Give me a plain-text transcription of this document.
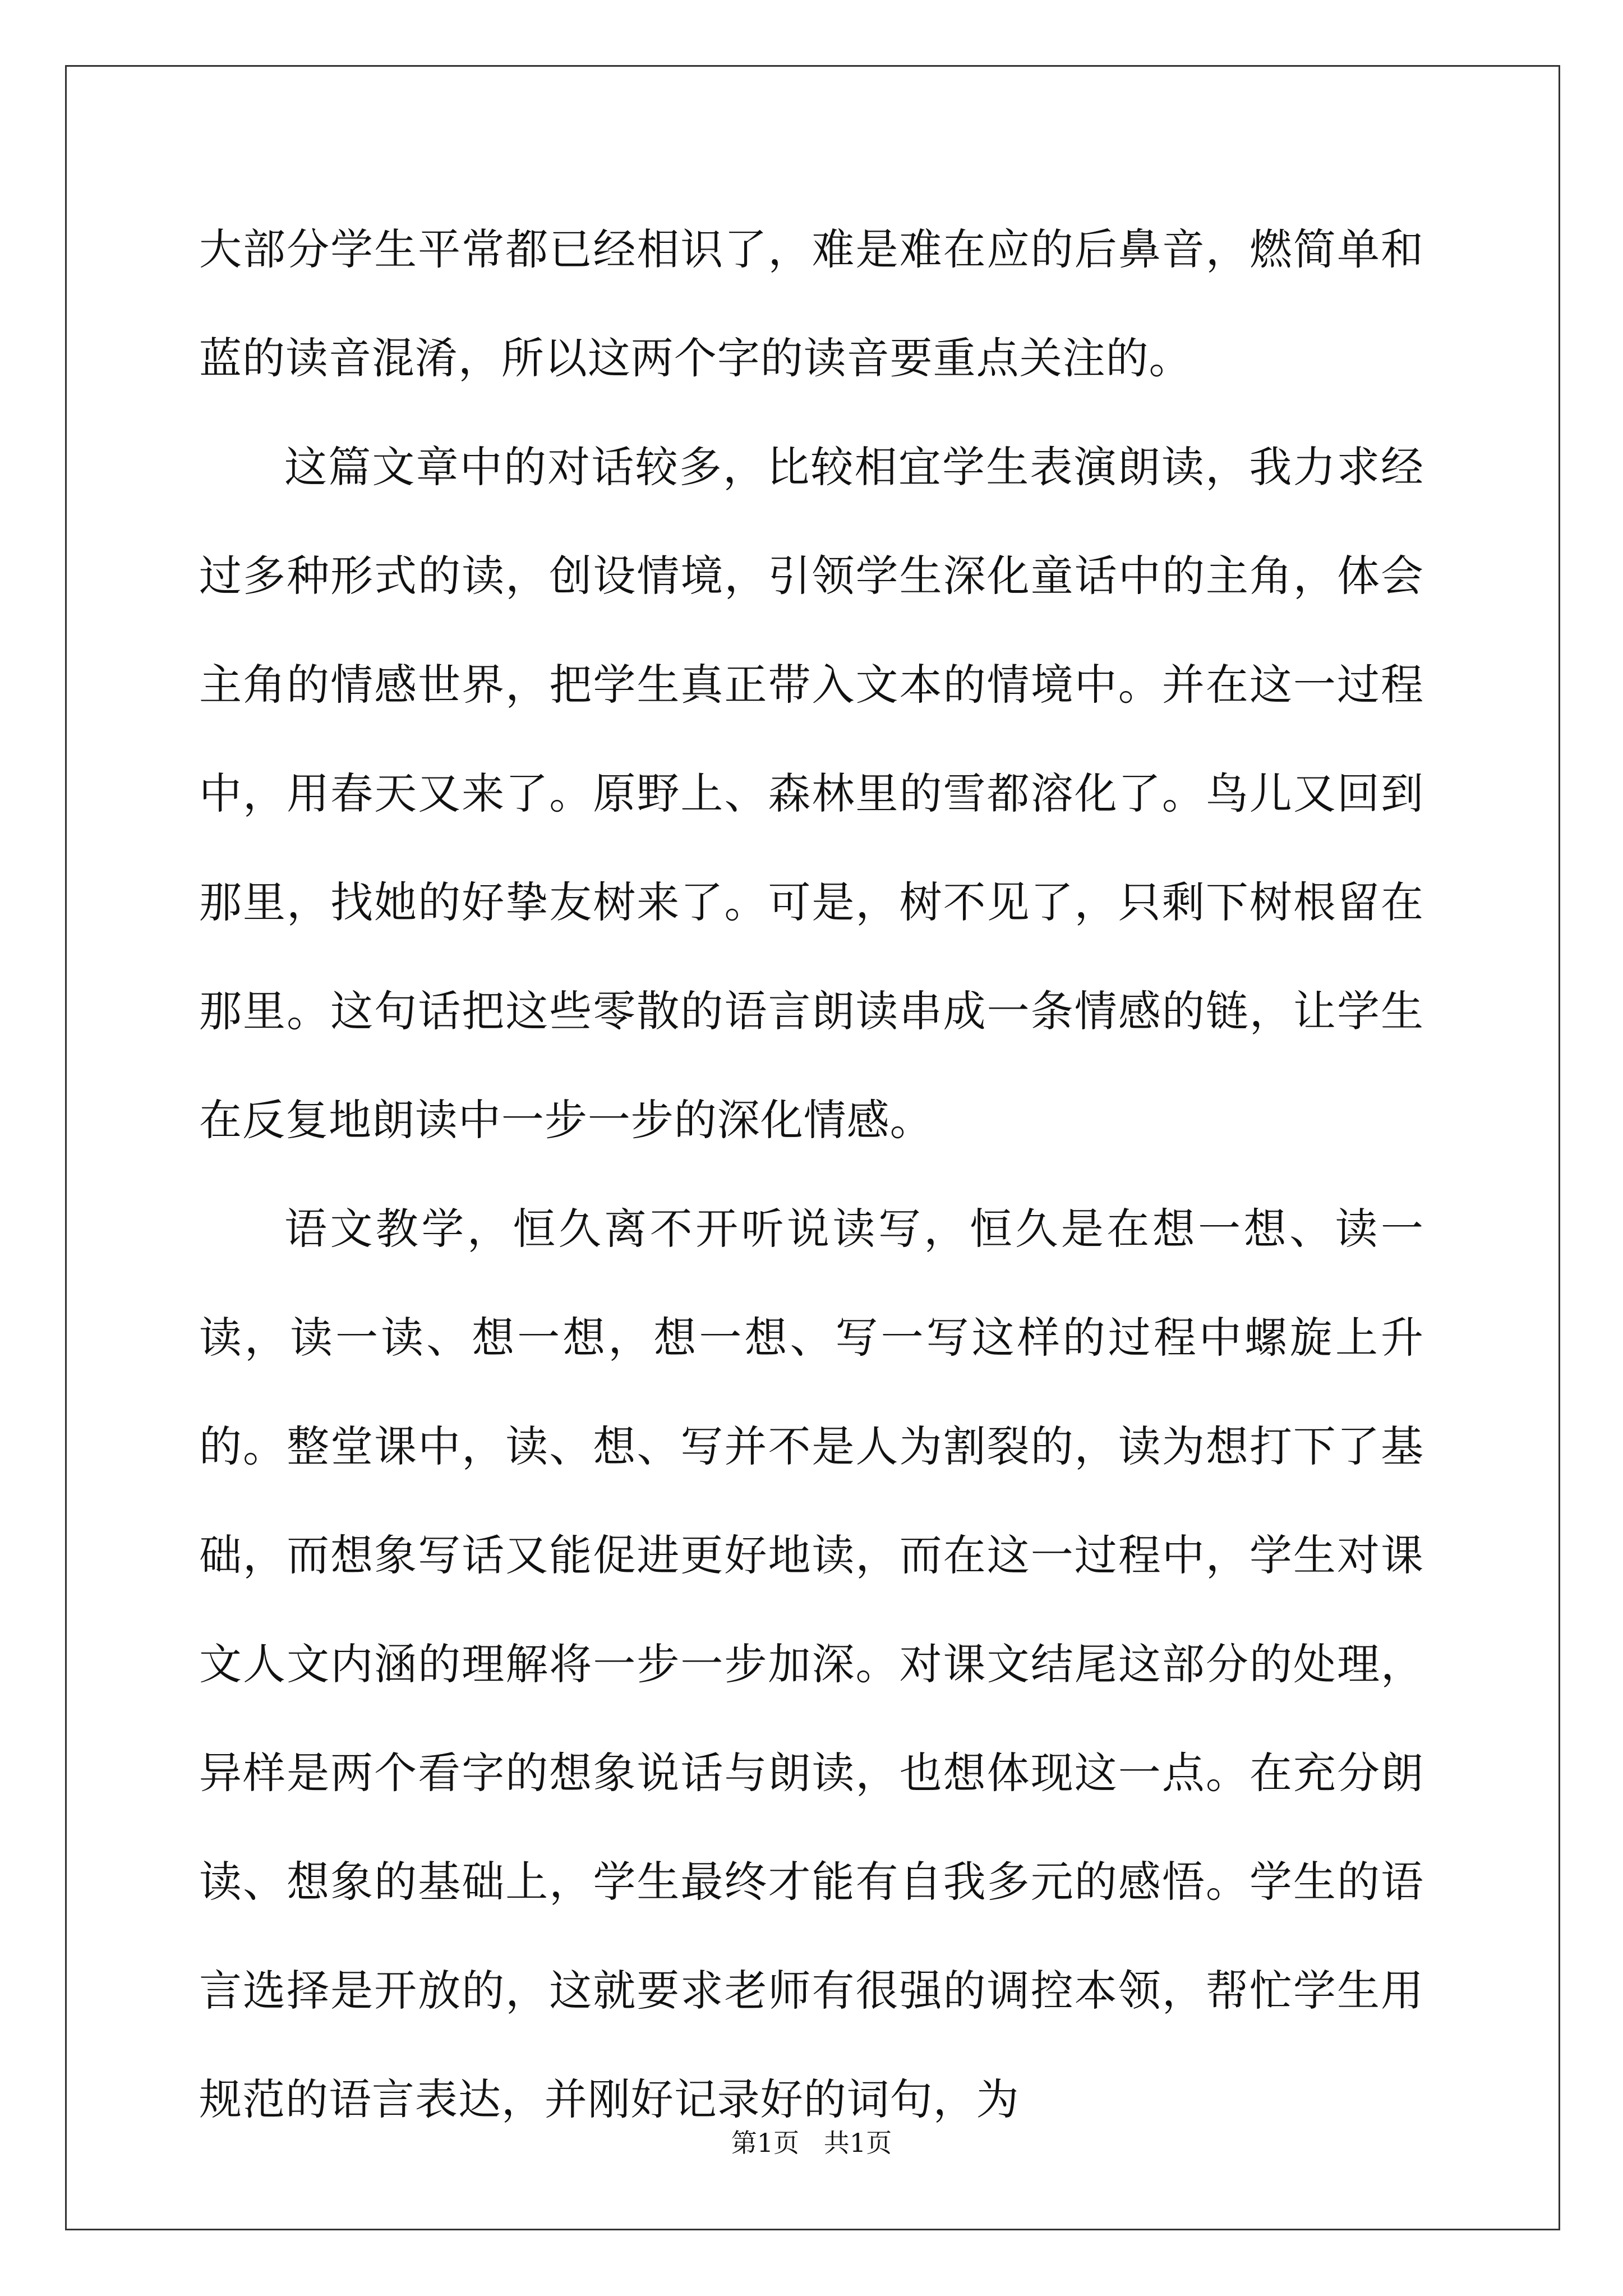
大部分学生平常都已经相识了，难是难在应的后鼻音，燃简单和蓝的读音混淆，所以这两个字的读音要重点关注的。

这篇文章中的对话较多，比较相宜学生表演朗读，我力求经过多种形式的读，创设情境，引领学生深化童话中的主角，体会主角的情感世界，把学生真正带入文本的情境中。并在这一过程中，用春天又来了。原野上、森林里的雪都溶化了。鸟儿又回到那里，找她的好挚友树来了。可是，树不见了，只剩下树根留在那里。这句话把这些零散的语言朗读串成一条情感的链，让学生在反复地朗读中一步一步的深化情感。

语文教学，恒久离不开听说读写，恒久是在想一想、读一读，读一读、想一想，想一想、写一写这样的过程中螺旋上升的。整堂课中，读、想、写并不是人为割裂的，读为想打下了基础，而想象写话又能促进更好地读，而在这一过程中，学生对课文人文内涵的理解将一步一步加深。对课文结尾这部分的处理，异样是两个看字的想象说话与朗读，也想体现这一点。在充分朗读、想象的基础上，学生最终才能有自我多元的感悟。学生的语言选择是开放的，这就要求老师有很强的调控本领，帮忙学生用规范的语言表达，并刚好记录好的词句，为

第1页   共1页
